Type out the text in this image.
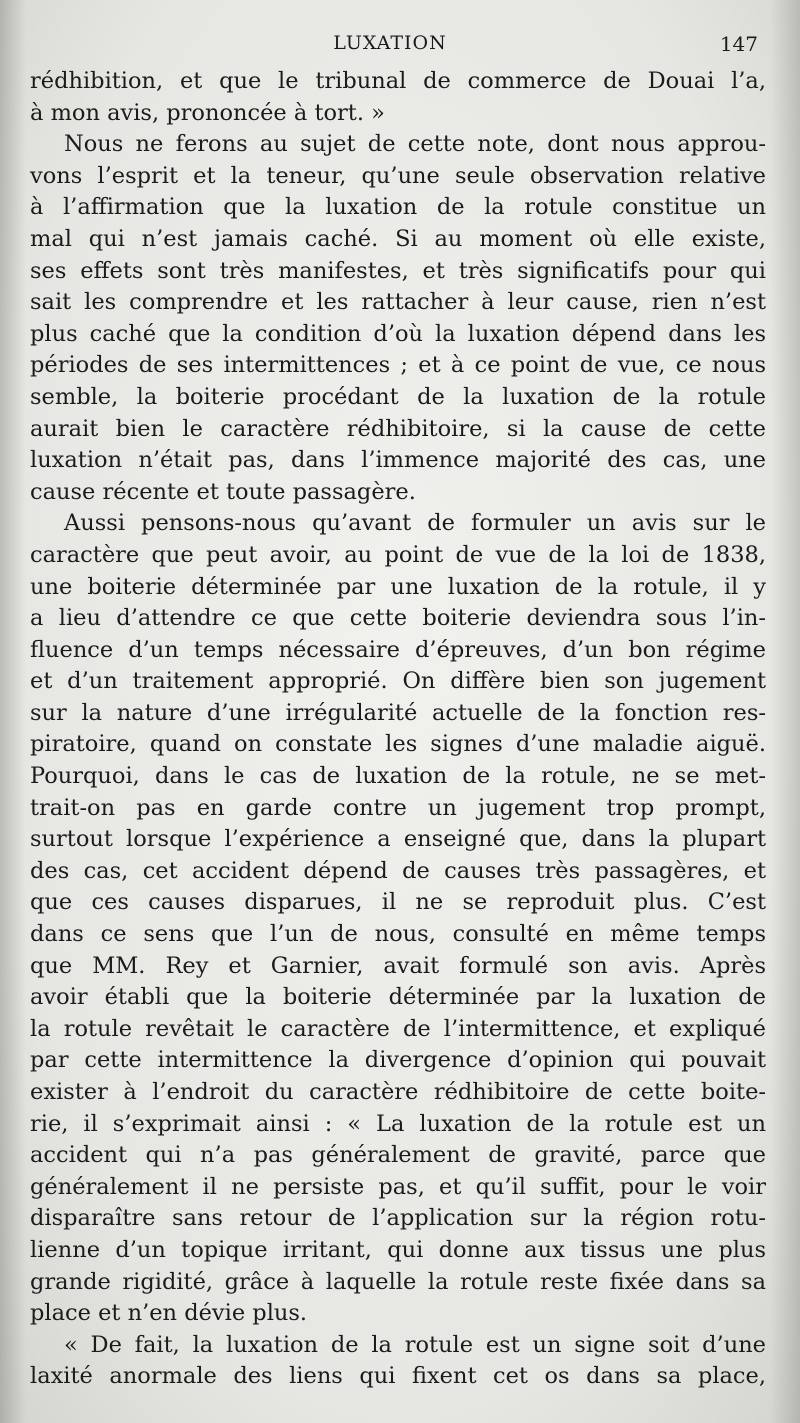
LUXATION	147
rédhibition, et que le tribunal de commerce de Douai l’a,
à mon avis, prononcée à tort. »
Nous ne ferons au sujet de cette note, dont nous approu-
vons l’esprit et la teneur, qu’une seule observation relative
à l’affirmation que la luxation de la rotule constitue un
mal qui n’est jamais caché. Si au moment où elle existe,
ses effets sont très manifestes, et très significatifs pour qui
sait les comprendre et les rattacher à leur cause, rien n’est
plus caché que la condition d’où la luxation dépend dans les
périodes de ses intermittences ; et à ce point de vue, ce nous
semble, la boiterie procédant de la luxation de la rotule
aurait bien le caractère rédhibitoire, si la cause de cette
luxation n’était pas, dans l’immence majorité des cas, une
cause récente et toute passagère.
Aussi pensons-nous qu’avant de formuler un avis sur le
caractère que peut avoir, au point de vue de la loi de 1838,
une boiterie déterminée par une luxation de la rotule, il y
a lieu d’attendre ce que cette boiterie deviendra sous l’in-
fluence d’un temps nécessaire d’épreuves, d’un bon régime
et d’un traitement approprié. On diffère bien son jugement
sur la nature d’une irrégularité actuelle de la fonction res-
piratoire, quand on constate les signes d’une maladie aiguë.
Pourquoi, dans le cas de luxation de la rotule, ne se met-
trait-on pas en garde contre un jugement trop prompt,
surtout lorsque l’expérience a enseigné que, dans la plupart
des cas, cet accident dépend de causes très passagères, et
que ces causes disparues, il ne se reproduit plus. C’est
dans ce sens que l’un de nous, consulté en même temps
que MM. Rey et Garnier, avait formulé son avis. Après
avoir établi que la boiterie déterminée par la luxation de
la rotule revêtait le caractère de l’intermittence, et expliqué
par cette intermittence la divergence d’opinion qui pouvait
exister à l’endroit du caractère rédhibitoire de cette boite-
rie, il s’exprimait ainsi : « La luxation de la rotule est un
accident qui n’a pas généralement de gravité, parce que
généralement il ne persiste pas, et qu’il suffit, pour le voir
disparaître sans retour de l’application sur la région rotu-
lienne d’un topique irritant, qui donne aux tissus une plus
grande rigidité, grâce à laquelle la rotule reste fixée dans sa
place et n’en dévie plus.
« De fait, la luxation de la rotule est un signe soit d’une
laxité anormale des liens qui fixent cet os dans sa place,
